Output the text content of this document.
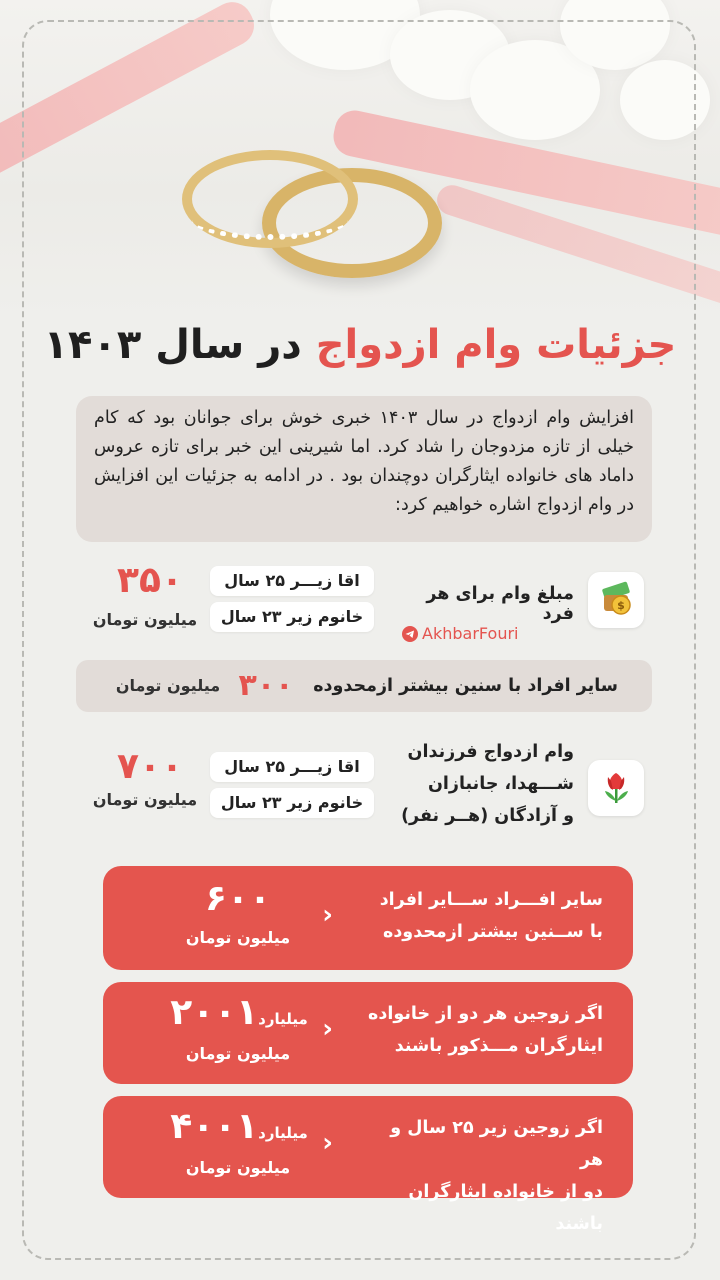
جزئیات وام ازدواج در سال ۱۴۰۳
افزایش وام ازدواج در سال ۱۴۰۳ خبری خوش برای جوانان بود که کام خیلی از تازه مزدوجان را شاد کرد. اما شیرینی این خبر برای تازه عروس داماد های خانواده ایثارگران دوچندان بود . در ادامه به جزئیات این افزایش در وام ازدواج اشاره خواهیم کرد:
$
مبلغ وام برای هر فرد
AkhbarFouri
اقا زیـــر ۲۵ سال
خانوم زیر ۲۳ سال
۳۵۰
میلیون تومان
سایر افراد با سنین بیشتر ازمحدوده
۳۰۰
میلیون تومان
وام ازدواج فرزندان
شـــهدا، جانبازان
و آزادگان (هــر نفر)
اقا زیـــر ۲۵ سال
خانوم زیر ۲۳ سال
۷۰۰
میلیون تومان
سایر افـــراد ســـایر افراد
با ســنین بیشتر ازمحدوده
‹
۶۰۰
میلیون تومان
اگر زوجین هر دو از خانواده
ایثارگران مـــذکور باشند
‹
۲۰۰ میلیارد۱
میلیون تومان
اگر زوجین زیر ۲۵ سال و هر
دو از خانواده ایثارگران باشند
‹
۴۰۰ میلیارد۱
میلیون تومان
